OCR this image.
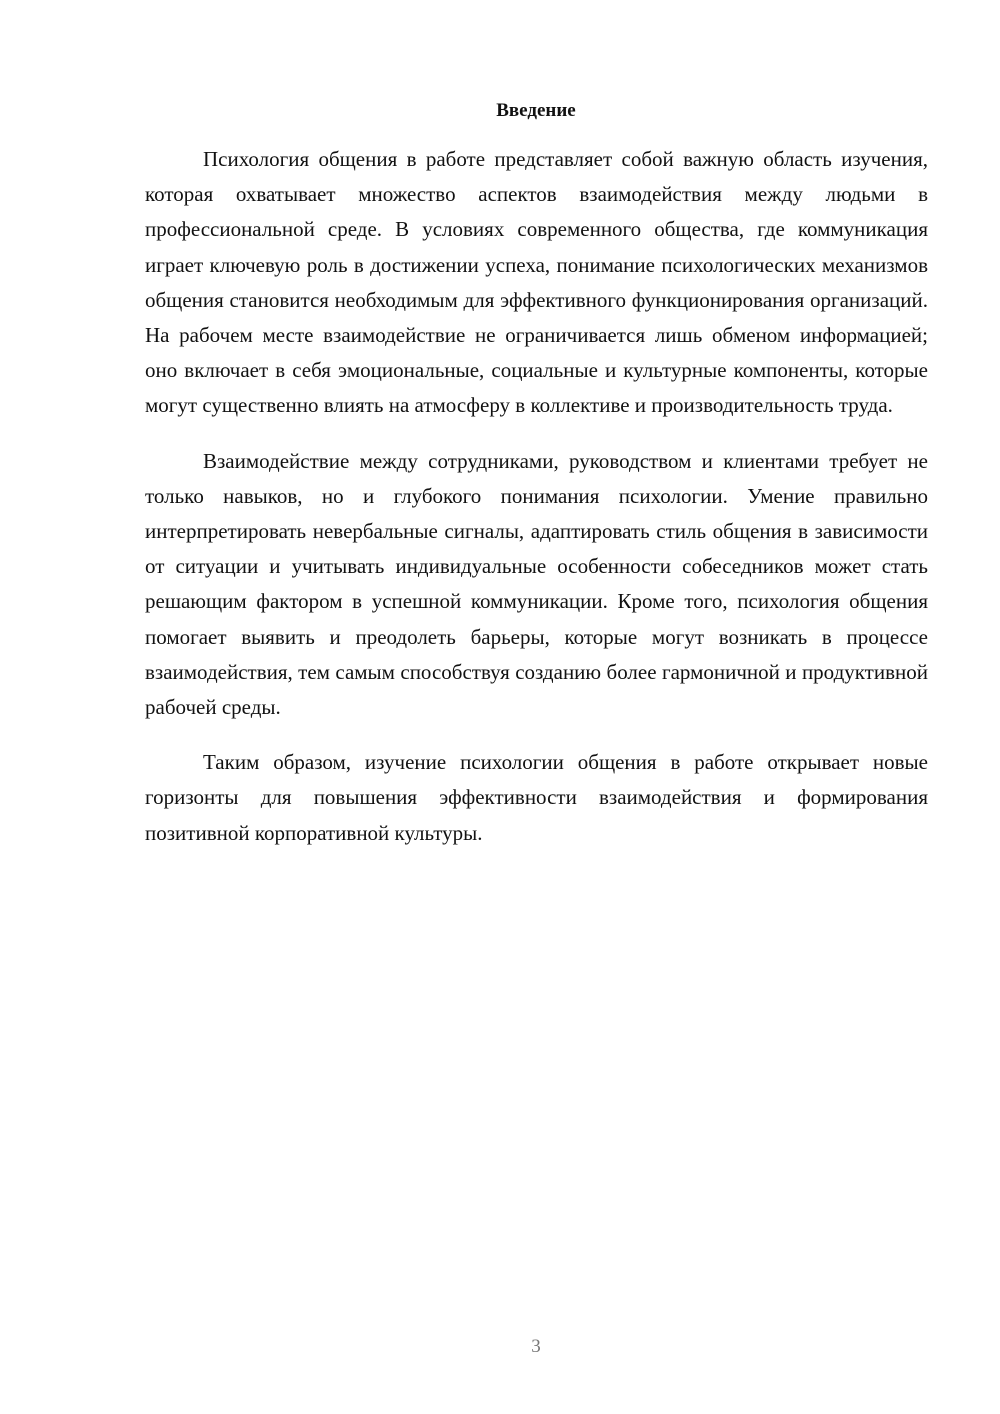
Введение

Психология общения в работе представляет собой важную область изучения, которая охватывает множество аспектов взаимодействия между людьми в профессиональной среде. В условиях современного общества, где коммуникация играет ключевую роль в достижении успеха, понимание психологических механизмов общения становится необходимым для эффективного функционирования организаций. На рабочем месте взаимодействие не ограничивается лишь обменом информацией; оно включает в себя эмоциональные, социальные и культурные компоненты, которые могут существенно влиять на атмосферу в коллективе и производительность труда.

Взаимодействие между сотрудниками, руководством и клиентами требует не только навыков, но и глубокого понимания психологии. Умение правильно интерпретировать невербальные сигналы, адаптировать стиль общения в зависимости от ситуации и учитывать индивидуальные особенности собеседников может стать решающим фактором в успешной коммуникации. Кроме того, психология общения помогает выявить и преодолеть барьеры, которые могут возникать в процессе взаимодействия, тем самым способствуя созданию более гармоничной и продуктивной рабочей среды.

Таким образом, изучение психологии общения в работе открывает новые горизонты для повышения эффективности взаимодействия и формирования позитивной корпоративной культуры.

3
